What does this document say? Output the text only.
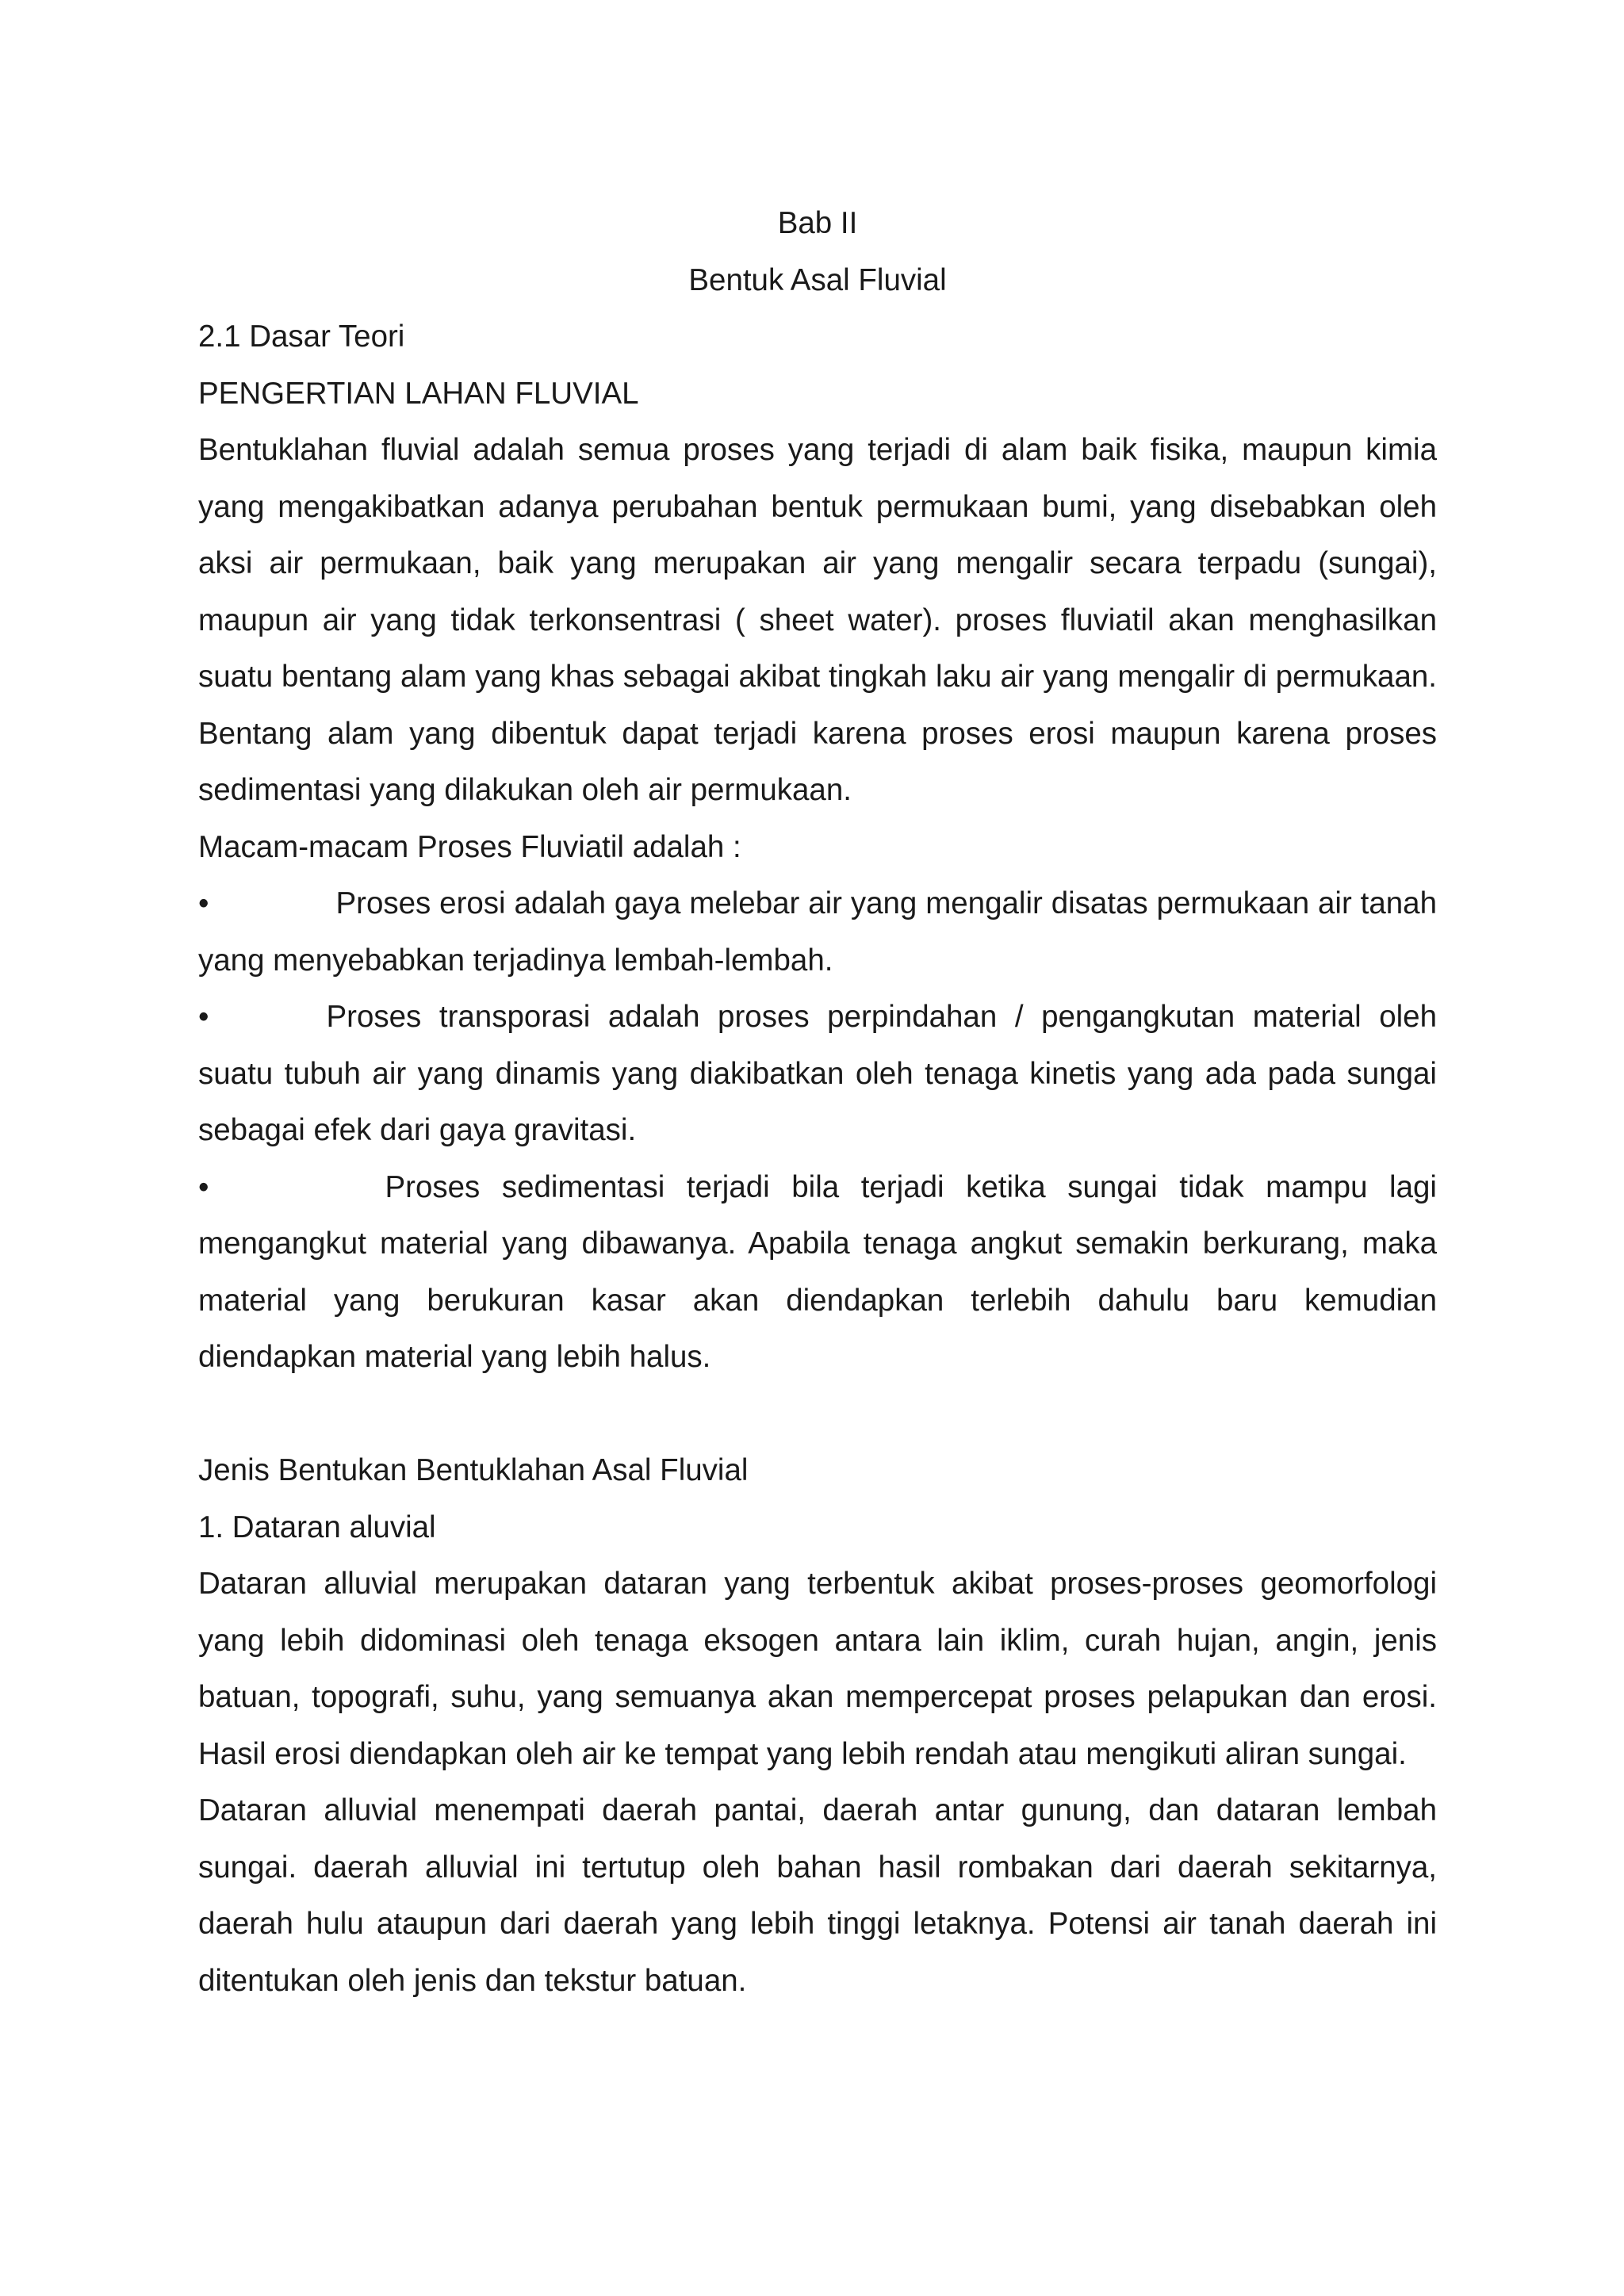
Bab II

Bentuk Asal Fluvial

2.1 Dasar Teori

PENGERTIAN LAHAN FLUVIAL

Bentuklahan fluvial adalah semua proses yang terjadi di alam baik fisika, maupun kimia yang mengakibatkan adanya perubahan bentuk permukaan bumi, yang disebabkan oleh aksi air permukaan, baik yang merupakan air yang mengalir secara terpadu (sungai), maupun air yang tidak terkonsentrasi ( sheet water). proses fluviatil akan menghasilkan suatu bentang alam yang khas sebagai akibat tingkah laku air yang mengalir di permukaan. Bentang alam yang dibentuk dapat terjadi karena proses erosi maupun karena proses sedimentasi yang dilakukan oleh air permukaan.

Macam-macam Proses Fluviatil adalah :

•	Proses erosi adalah gaya melebar air yang mengalir disatas permukaan air tanah yang menyebabkan terjadinya lembah-lembah.

•	Proses transporasi adalah proses perpindahan / pengangkutan material oleh suatu tubuh air yang dinamis yang diakibatkan oleh tenaga kinetis yang ada pada sungai sebagai efek dari gaya gravitasi.

•	Proses sedimentasi terjadi bila terjadi ketika sungai tidak mampu lagi mengangkut material yang dibawanya. Apabila tenaga angkut semakin berkurang, maka material yang berukuran kasar akan diendapkan terlebih dahulu baru kemudian diendapkan material yang lebih halus.

Jenis Bentukan Bentuklahan Asal Fluvial

1. Dataran aluvial

Dataran alluvial merupakan dataran yang terbentuk akibat proses-proses geomorfologi yang lebih didominasi oleh tenaga eksogen antara lain iklim, curah hujan, angin, jenis batuan, topografi, suhu, yang semuanya akan mempercepat proses pelapukan dan erosi. Hasil erosi diendapkan oleh air ke tempat yang lebih rendah atau mengikuti aliran sungai.

Dataran alluvial menempati daerah pantai, daerah antar gunung, dan dataran lembah sungai. daerah alluvial ini tertutup oleh bahan hasil rombakan dari daerah sekitarnya, daerah hulu ataupun dari daerah yang lebih tinggi letaknya. Potensi air tanah daerah ini ditentukan oleh jenis dan tekstur batuan.
